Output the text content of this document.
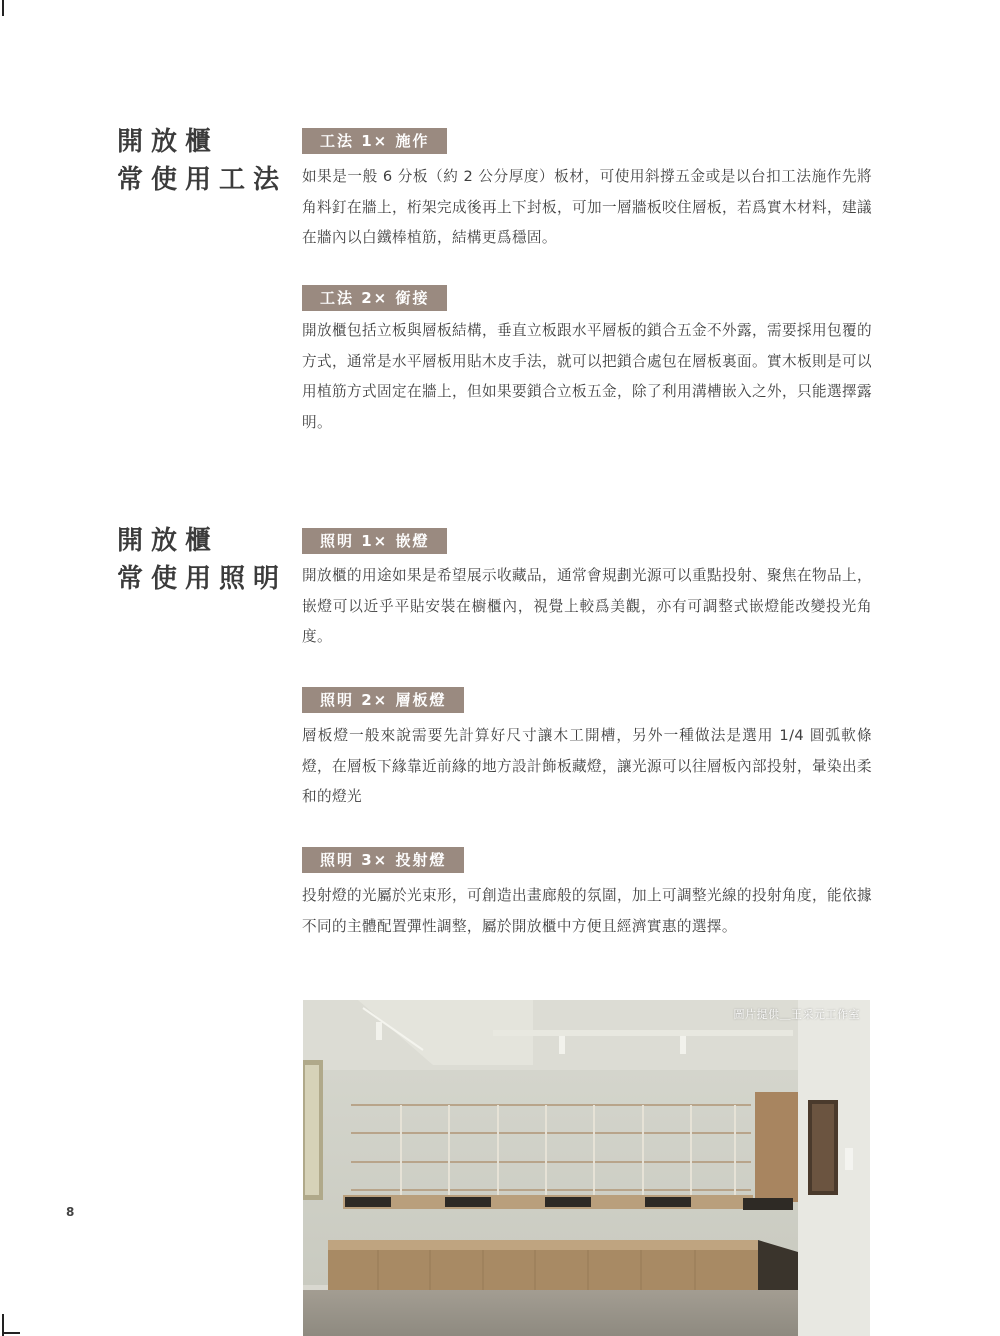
開放櫃
常使用工法
工法 1× 施作
如果是一般 6 分板（約 2 公分厚度）板材，可使用斜撐五金或是以台扣工法施作先將角料釘在牆上，桁架完成後再上下封板，可加一層牆板咬住層板，若爲實木材料，建議在牆內以白鐵棒植筋，結構更爲穩固。
工法 2× 銜接
開放櫃包括立板與層板結構，垂直立板跟水平層板的鎖合五金不外露，需要採用包覆的方式，通常是水平層板用貼木皮手法，就可以把鎖合處包在層板裏面。實木板則是可以用植筋方式固定在牆上，但如果要鎖合立板五金，除了利用溝槽嵌入之外，只能選擇露明。
開放櫃
常使用照明
照明 1× 嵌燈
開放櫃的用途如果是希望展示收藏品，通常會規劃光源可以重點投射、聚焦在物品上，嵌燈可以近乎平貼安裝在櫥櫃內，視覺上較爲美觀，亦有可調整式嵌燈能改變投光角度。
照明 2× 層板燈
層板燈一般來說需要先計算好尺寸讓木工開槽，另外一種做法是選用 1/4 圓弧軟條燈，在層板下緣靠近前緣的地方設計飾板藏燈，讓光源可以往層板內部投射，暈染出柔和的燈光
照明 3× 投射燈
投射燈的光屬於光束形，可創造出畫廊般的氛圍，加上可調整光線的投射角度，能依據不同的主體配置彈性調整，屬於開放櫃中方便且經濟實惠的選擇。
8
圖片提供＿王采元工作室
